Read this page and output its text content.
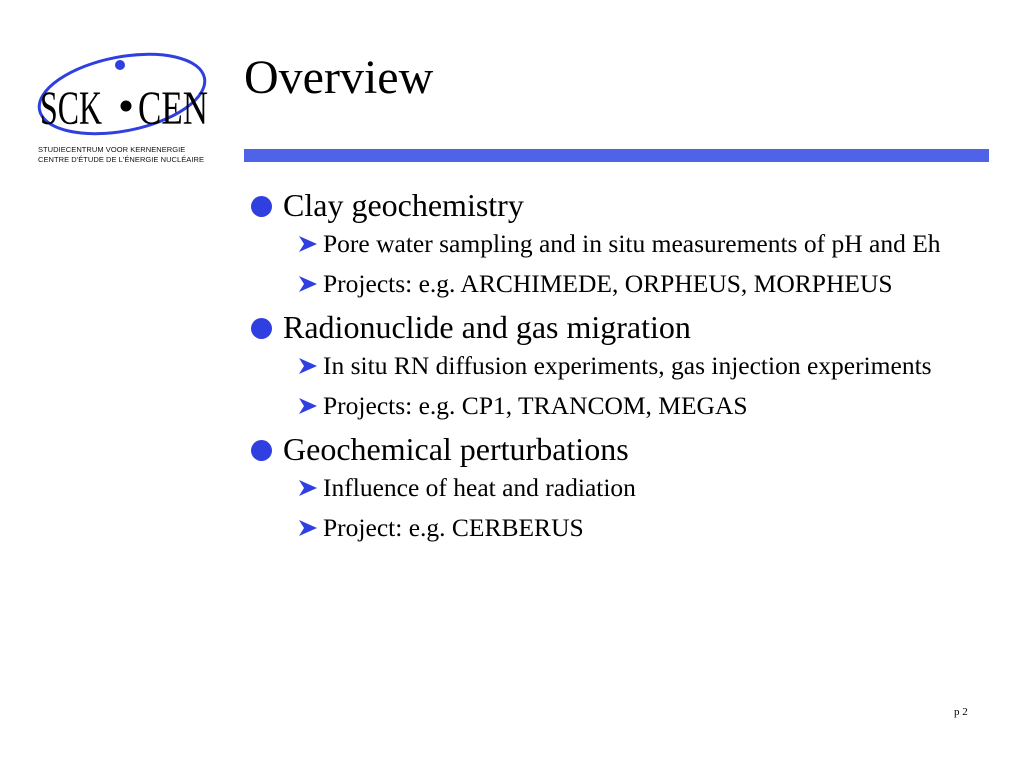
SCK CEN
STUDIECENTRUM VOOR KERNENERGIE
CENTRE D'ÉTUDE DE L'ÉNERGIE NUCLÉAIRE
Overview
Clay geochemistry
Pore water sampling and in situ measurements of pH and Eh
Projects: e.g. ARCHIMEDE, ORPHEUS, MORPHEUS
Radionuclide and gas migration
In situ RN diffusion experiments, gas injection experiments
Projects: e.g. CP1, TRANCOM, MEGAS
Geochemical perturbations
Influence of heat and radiation
Project: e.g. CERBERUS
p 2
